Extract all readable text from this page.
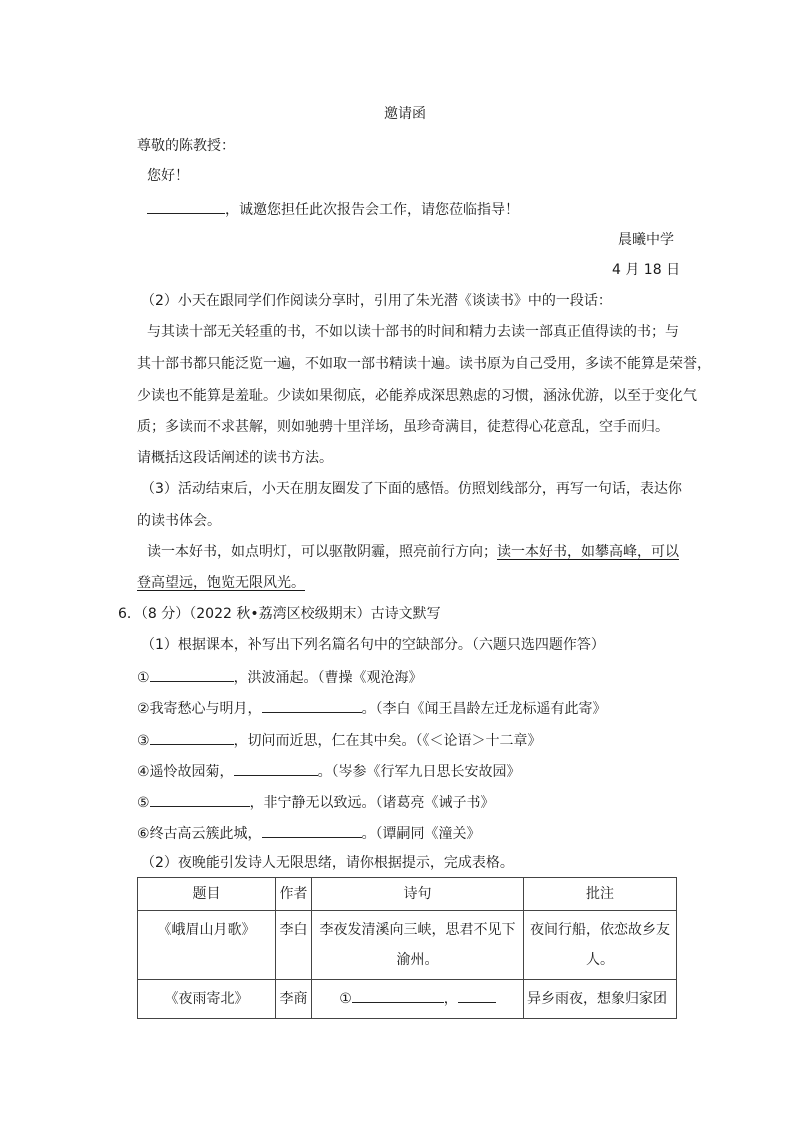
邀请函
尊敬的陈教授：
您好！
，诚邀您担任此次报告会工作，请您莅临指导！
晨曦中学
4 月 18 日
（2）小天在跟同学们作阅读分享时，引用了朱光潜《谈读书》中的一段话：
与其读十部无关轻重的书，不如以读十部书的时间和精力去读一部真正值得读的书；与
其十部书都只能泛览一遍，不如取一部书精读十遍。读书原为自己受用，多读不能算是荣誉，
少读也不能算是羞耻。少读如果彻底，必能养成深思熟虑的习惯，涵泳优游，以至于变化气
质；多读而不求甚解，则如驰骋十里洋场，虽珍奇满目，徒惹得心花意乱，空手而归。
请概括这段话阐述的读书方法。
（3）活动结束后，小天在朋友圈发了下面的感悟。仿照划线部分，再写一句话，表达你
的读书体会。
读一本好书，如点明灯，可以驱散阴霾，照亮前行方向；读一本好书，如攀高峰，可以
登高望远，饱览无限风光。
6．（8 分）（2022 秋•荔湾区校级期末）古诗文默写
（1）根据课本，补写出下列名篇名句中的空缺部分。（六题只选四题作答）
①	，洪波涌起。（曹操《观沧海》
②我寄愁心与明月，	。（李白《闻王昌龄左迁龙标遥有此寄》
③	，切问而近思，仁在其中矣。（《＜论语＞十二章》
④遥怜故园菊，	。（岑参《行军九日思长安故园》
⑤	，非宁静无以致远。（诸葛亮《诫子书》
⑥终古高云簇此城，	。（谭嗣同《潼关》
（2）夜晚能引发诗人无限思绪，请你根据提示，完成表格。
题目	作者	诗句	批注
《峨眉山月歌》	李白	李夜发清溪向三峡，思君不见下渝州。	夜间行船，依恋故乡友人。
《夜雨寄北》	李商	① ，	异乡雨夜，想象归家团
